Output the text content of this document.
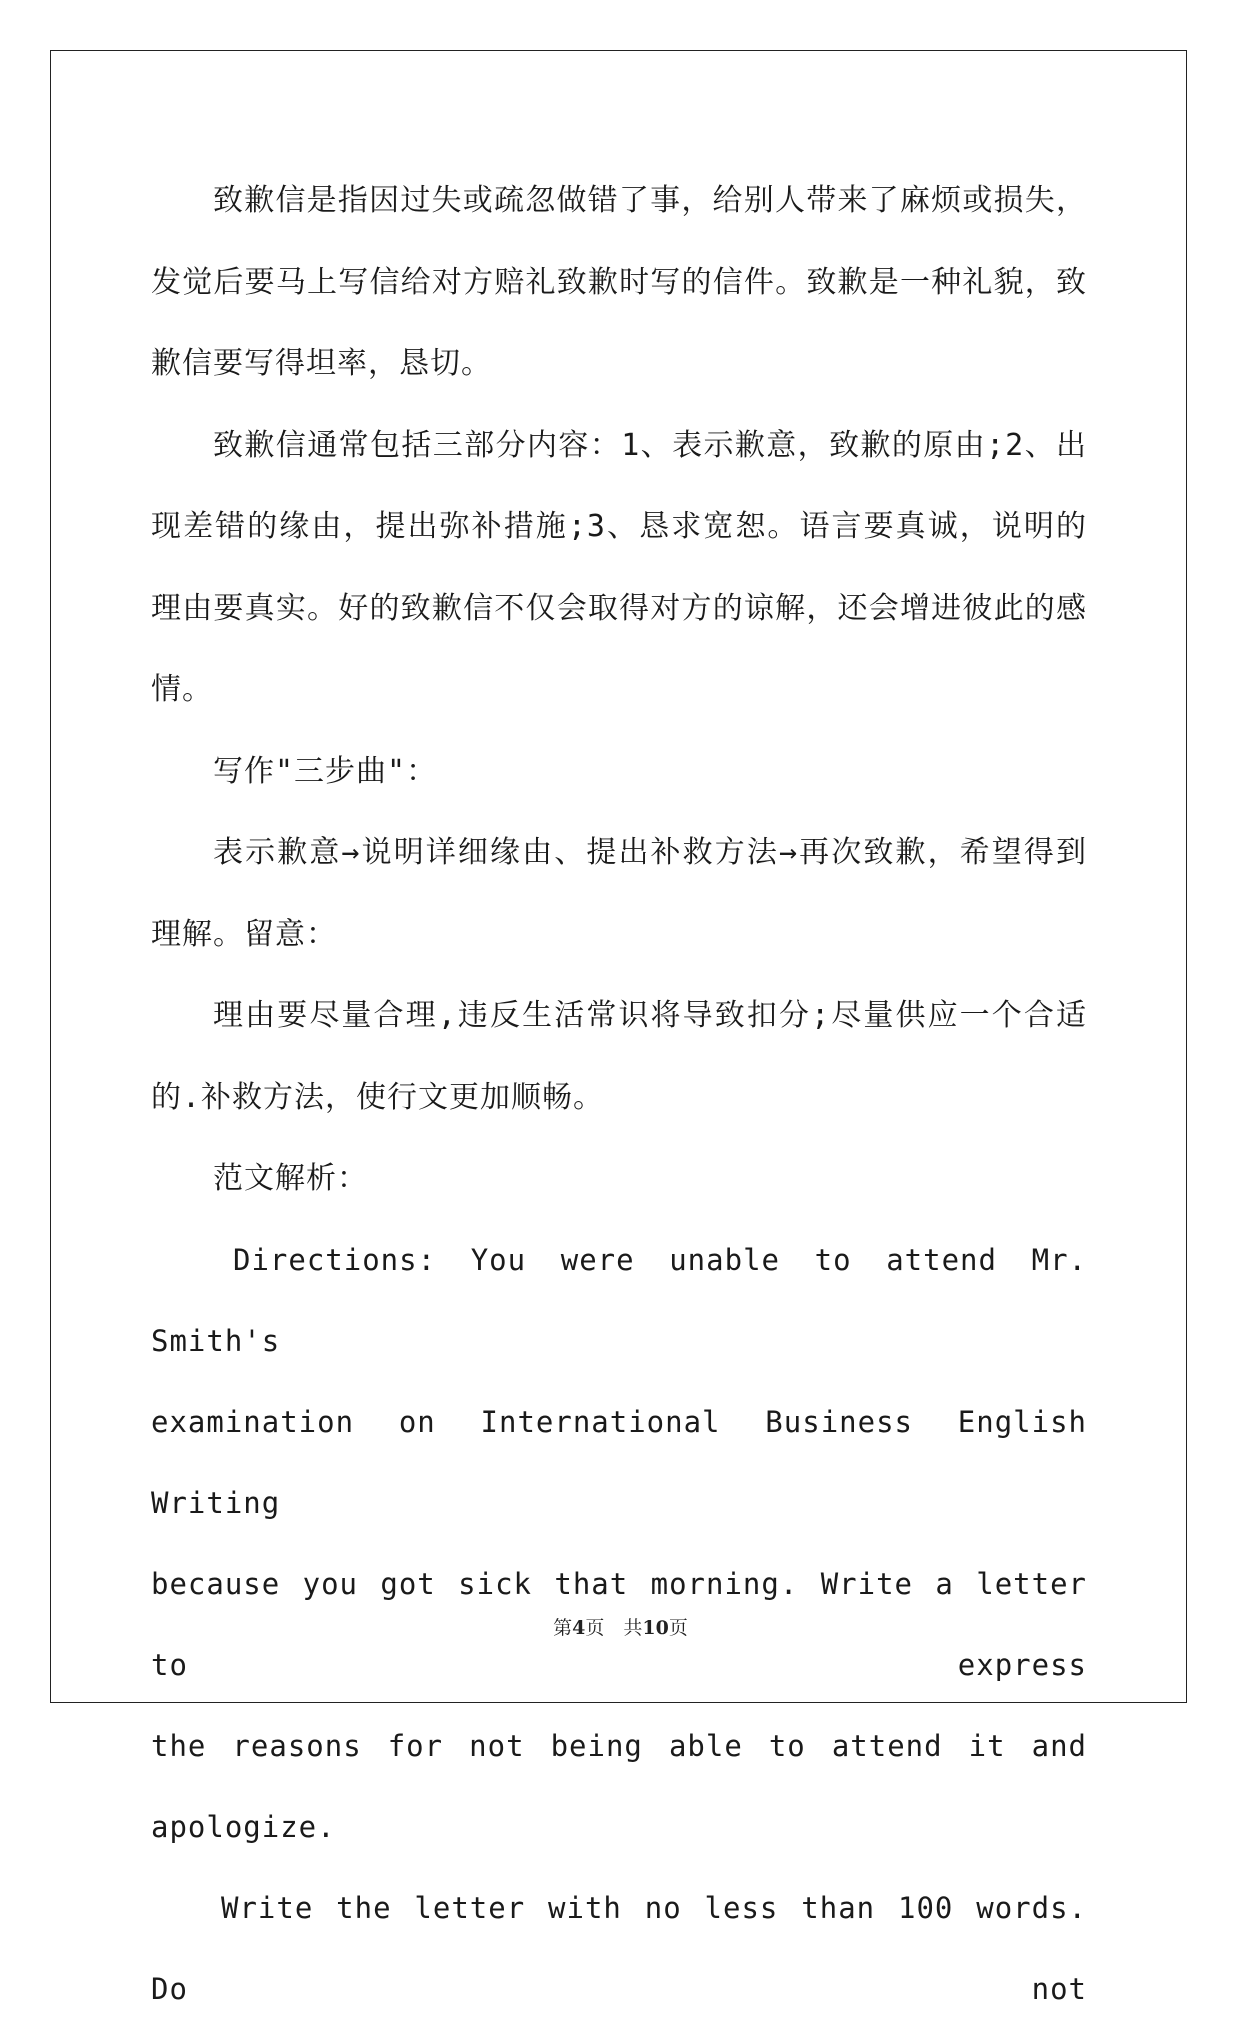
致歉信是指因过失或疏忽做错了事，给别人带来了麻烦或损失，发觉后要马上写信给对方赔礼致歉时写的信件。致歉是一种礼貌，致歉信要写得坦率，恳切。

致歉信通常包括三部分内容：1、表示歉意，致歉的原由;2、出现差错的缘由，提出弥补措施;3、恳求宽恕。语言要真诚，说明的理由要真实。好的致歉信不仅会取得对方的谅解，还会增进彼此的感情。

写作"三步曲"：

表示歉意→说明详细缘由、提出补救方法→再次致歉，希望得到理解。留意：

理由要尽量合理,违反生活常识将导致扣分;尽量供应一个合适的.补救方法，使行文更加顺畅。

范文解析：

Directions: You were unable to attend Mr. Smith's

examination on International Business English Writing

because you got sick that morning. Write a letter to express

the reasons for not being able to attend it and apologize.

Write the letter with no less than 100 words. Do not

第4页　共10页
